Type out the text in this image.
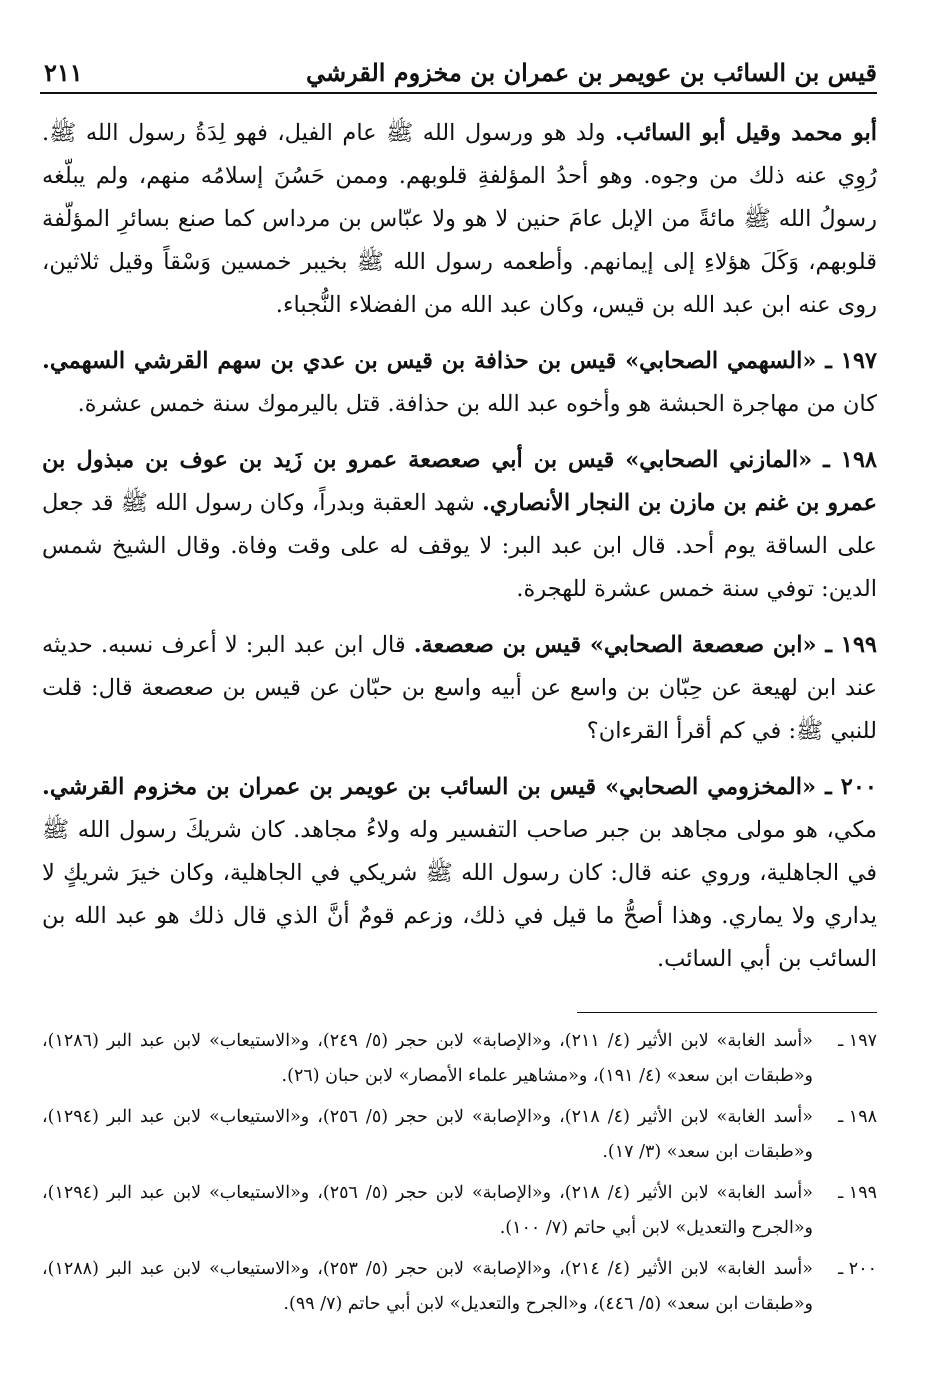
قيس بن السائب بن عويمر بن عمران بن مخزوم القرشي
٢١١

أبو محمد وقيل أبو السائب. ولد هو ورسول الله ﷺ عام الفيل، فهو لِدَةُ رسول الله ﷺ. رُوِي عنه ذلك من وجوه. وهو أحدُ المؤلفةِ قلوبهم. وممن حَسُنَ إسلامُه منهم، ولم يبلّغه رسولُ الله ﷺ مائةً من الإبل عامَ حنين لا هو ولا عبّاس بن مرداس كما صنع بسائرِ المؤلّفة قلوبهم، وَكَلَ هؤلاءِ إلى إيمانهم. وأطعمه رسول الله ﷺ بخيبر خمسين وَسْقاً وقيل ثلاثين، روى عنه ابن عبد الله بن قيس، وكان عبد الله من الفضلاء النُّجباء.

١٩٧ ـ «السهمي الصحابي» قيس بن حذافة بن قيس بن عدي بن سهم القرشي السهمي. كان من مهاجرة الحبشة هو وأخوه عبد الله بن حذافة. قتل باليرموك سنة خمس عشرة.

١٩٨ ـ «المازني الصحابي» قيس بن أبي صعصعة عمرو بن زَيد بن عوف بن مبذول بن عمرو بن غنم بن مازن بن النجار الأنصاري. شهد العقبة وبدراً، وكان رسول الله ﷺ قد جعل على الساقة يوم أحد. قال ابن عبد البر: لا يوقف له على وقت وفاة. وقال الشيخ شمس الدين: توفي سنة خمس عشرة للهجرة.

١٩٩ ـ «ابن صعصعة الصحابي» قيس بن صعصعة. قال ابن عبد البر: لا أعرف نسبه. حديثه عند ابن لهيعة عن حِبّان بن واسع عن أبيه واسع بن حبّان عن قيس بن صعصعة قال: قلت للنبي ﷺ: في كم أقرأ القرءان؟

٢٠٠ ـ «المخزومي الصحابي» قيس بن السائب بن عويمر بن عمران بن مخزوم القرشي. مكي، هو مولى مجاهد بن جبر صاحب التفسير وله ولاءُ مجاهد. كان شريكَ رسول الله ﷺ في الجاهلية، وروي عنه قال: كان رسول الله ﷺ شريكي في الجاهلية، وكان خيرَ شريكٍ لا يداري ولا يماري. وهذا أصحُّ ما قيل في ذلك، وزعم قومٌ أنَّ الذي قال ذلك هو عبد الله بن السائب بن أبي السائب.

١٩٧ ـ
«أسد الغابة» لابن الأثير (٤/ ٢١١)، و«الإصابة» لابن حجر (٥/ ٢٤٩)، و«الاستيعاب» لابن عبد البر (١٢٨٦)، و«طبقات ابن سعد» (٤/ ١٩١)، و«مشاهير علماء الأمصار» لابن حبان (٢٦).
١٩٨ ـ
«أسد الغابة» لابن الأثير (٤/ ٢١٨)، و«الإصابة» لابن حجر (٥/ ٢٥٦)، و«الاستيعاب» لابن عبد البر (١٢٩٤)، و«طبقات ابن سعد» (٣/ ١٧).
١٩٩ ـ
«أسد الغابة» لابن الأثير (٤/ ٢١٨)، و«الإصابة» لابن حجر (٥/ ٢٥٦)، و«الاستيعاب» لابن عبد البر (١٢٩٤)، و«الجرح والتعديل» لابن أبي حاتم (٧/ ١٠٠).
٢٠٠ ـ
«أسد الغابة» لابن الأثير (٤/ ٢١٤)، و«الإصابة» لابن حجر (٥/ ٢٥٣)، و«الاستيعاب» لابن عبد البر (١٢٨٨)، و«طبقات ابن سعد» (٥/ ٤٤٦)، و«الجرح والتعديل» لابن أبي حاتم (٧/ ٩٩).
